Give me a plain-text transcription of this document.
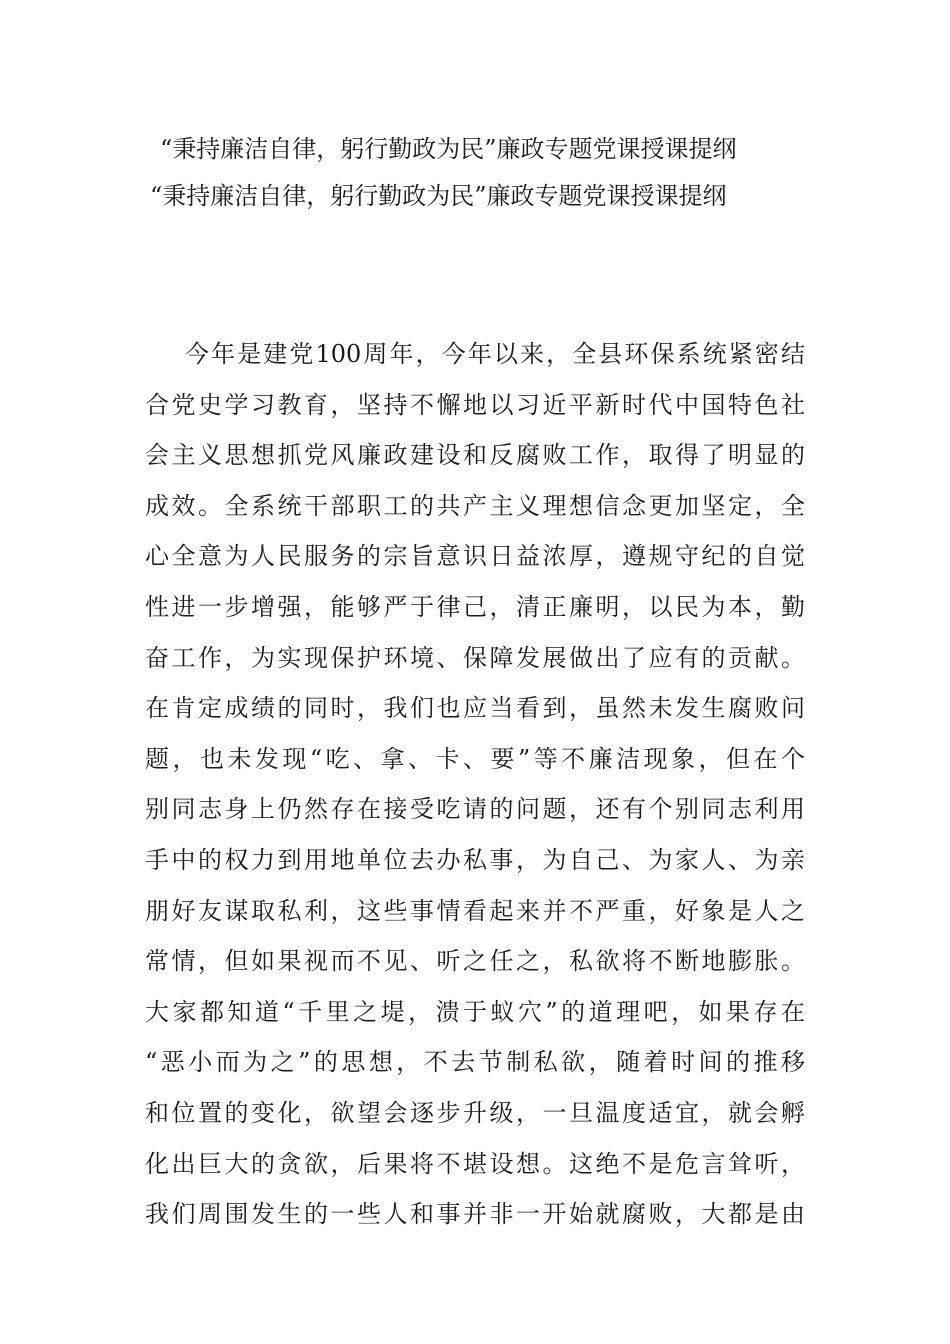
“秉持廉洁自律，躬行勤政为民”廉政专题党课授课提纲
“秉持廉洁自律，躬行勤政为民”廉政专题党课授课提纲
今年是建党100周年，今年以来，全县环保系统紧密结
合党史学习教育，坚持不懈地以习近平新时代中国特色社
会主义思想抓党风廉政建设和反腐败工作，取得了明显的
成效。全系统干部职工的共产主义理想信念更加坚定，全
心全意为人民服务的宗旨意识日益浓厚，遵规守纪的自觉
性进一步增强，能够严于律己，清正廉明，以民为本，勤
奋工作，为实现保护环境、保障发展做出了应有的贡献。
在肯定成绩的同时，我们也应当看到，虽然未发生腐败问
题，也未发现“吃、拿、卡、要”等不廉洁现象，但在个
别同志身上仍然存在接受吃请的问题，还有个别同志利用
手中的权力到用地单位去办私事，为自己、为家人、为亲
朋好友谋取私利，这些事情看起来并不严重，好象是人之
常情，但如果视而不见、听之任之，私欲将不断地膨胀。
大家都知道“千里之堤，溃于蚁穴”的道理吧，如果存在
“恶小而为之”的思想，不去节制私欲，随着时间的推移
和位置的变化，欲望会逐步升级，一旦温度适宜，就会孵
化出巨大的贪欲，后果将不堪设想。这绝不是危言耸听，
我们周围发生的一些人和事并非一开始就腐败，大都是由
